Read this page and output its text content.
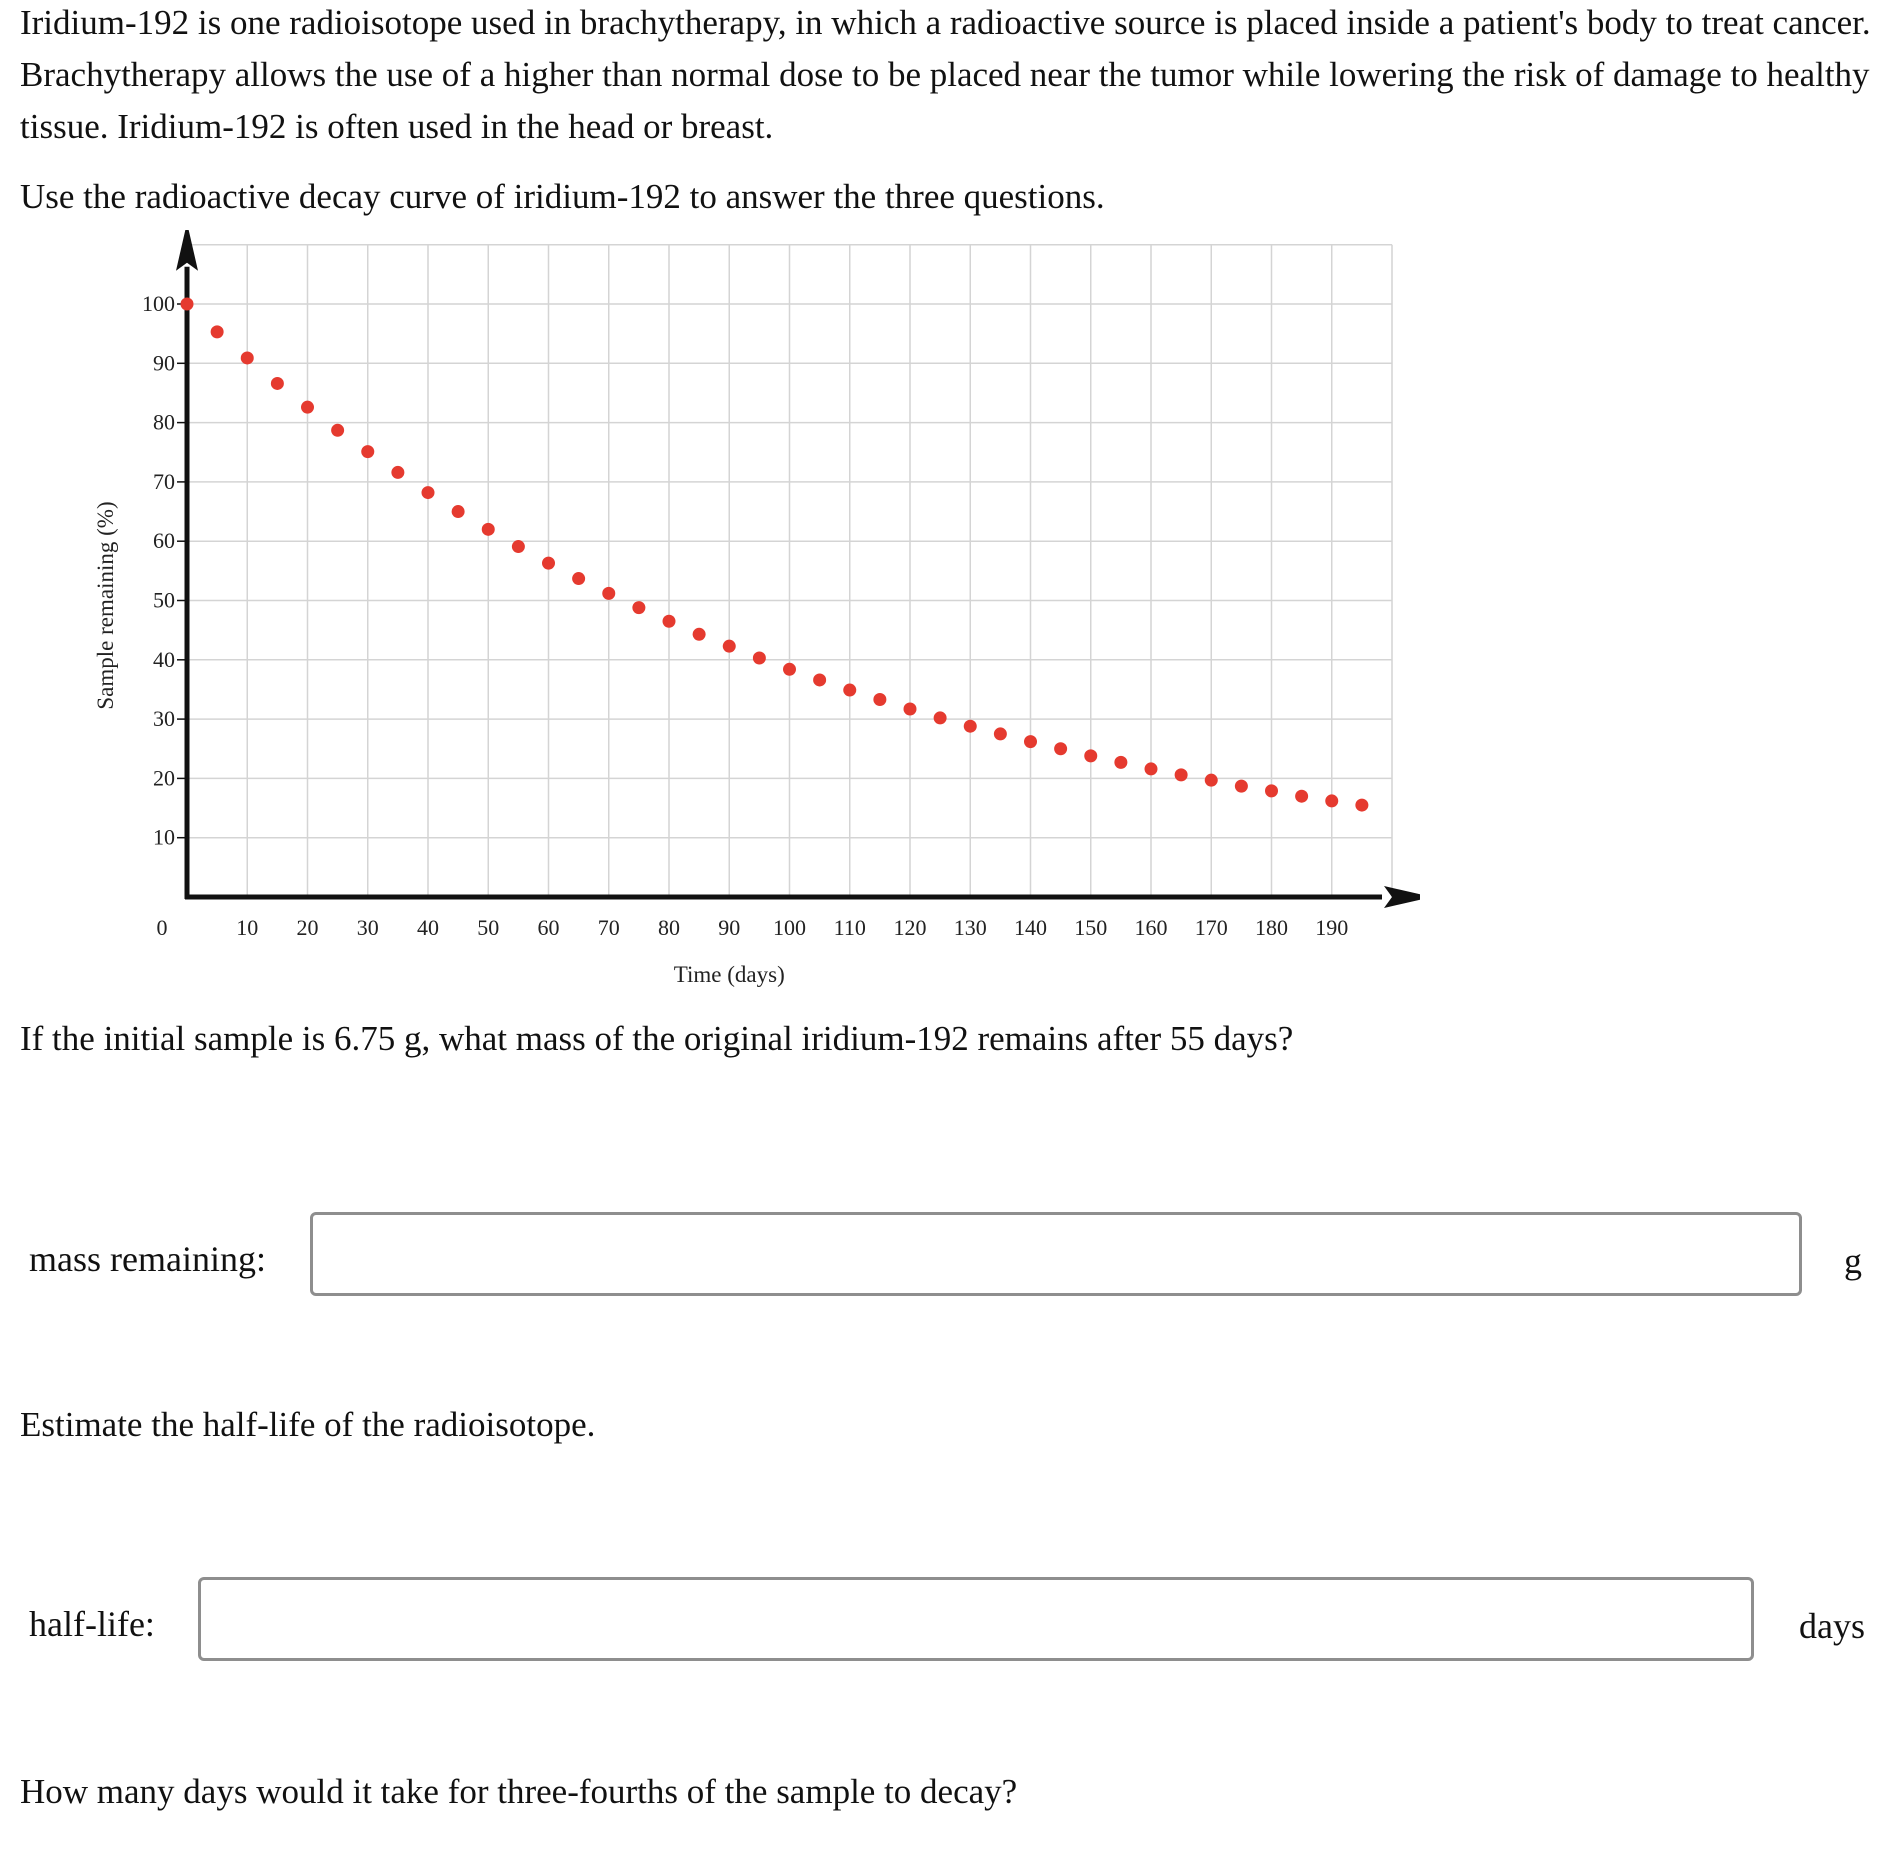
Iridium-192 is one radioisotope used in brachytherapy, in which a radioactive source is placed inside a patient's body to treat cancer. Brachytherapy allows the use of a higher than normal dose to be placed near the tumor while lowering the risk of damage to healthy tissue. Iridium-192 is often used in the head or breast.
Use the radioactive decay curve of iridium-192 to answer the three questions.
10
20
30
40
50
60
70
80
90
100
0	10 20 30 40 50 60 70 80 90 100 110 120 130 140 150 160 170 180 190
Time (days)
Sample remaining (%)
If the initial sample is 6.75 g, what mass of the original iridium-192 remains after 55 days?
mass remaining:	g
Estimate the half-life of the radioisotope.
half-life:	days
How many days would it take for three-fourths of the sample to decay?
